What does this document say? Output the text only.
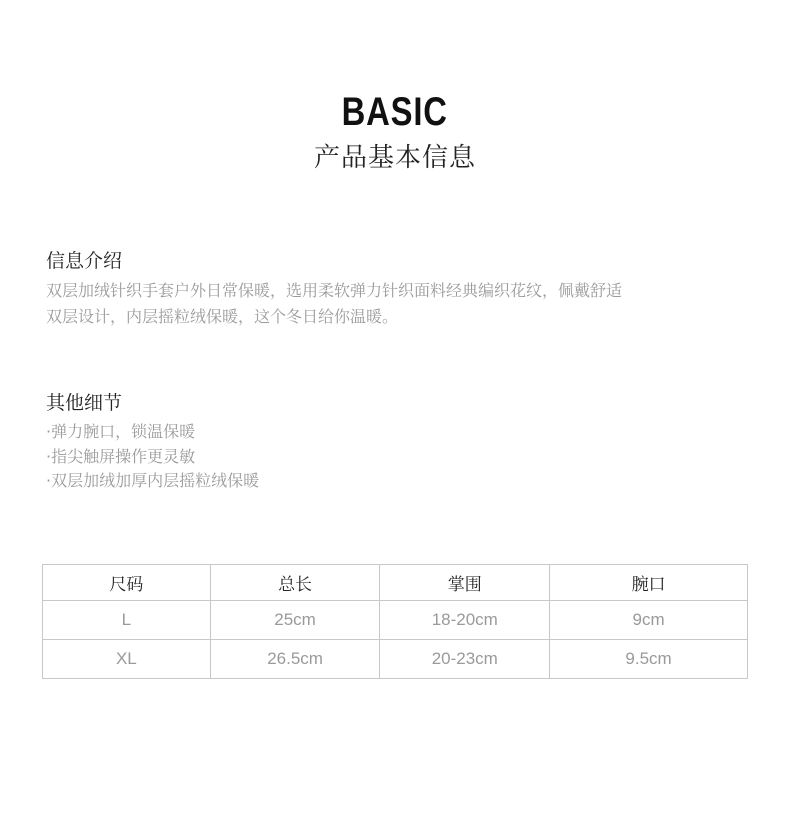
BASIC
产品基本信息
信息介绍
双层加绒针织手套户外日常保暖，选用柔软弹力针织面料经典编织花纹，佩戴舒适
双层设计，内层摇粒绒保暖，这个冬日给你温暖。
其他细节
·弹力腕口，锁温保暖
·指尖触屏操作更灵敏
·双层加绒加厚内层摇粒绒保暖
尺码	总长	掌围	腕口
L	25cm	18-20cm	9cm
XL	26.5cm	20-23cm	9.5cm
